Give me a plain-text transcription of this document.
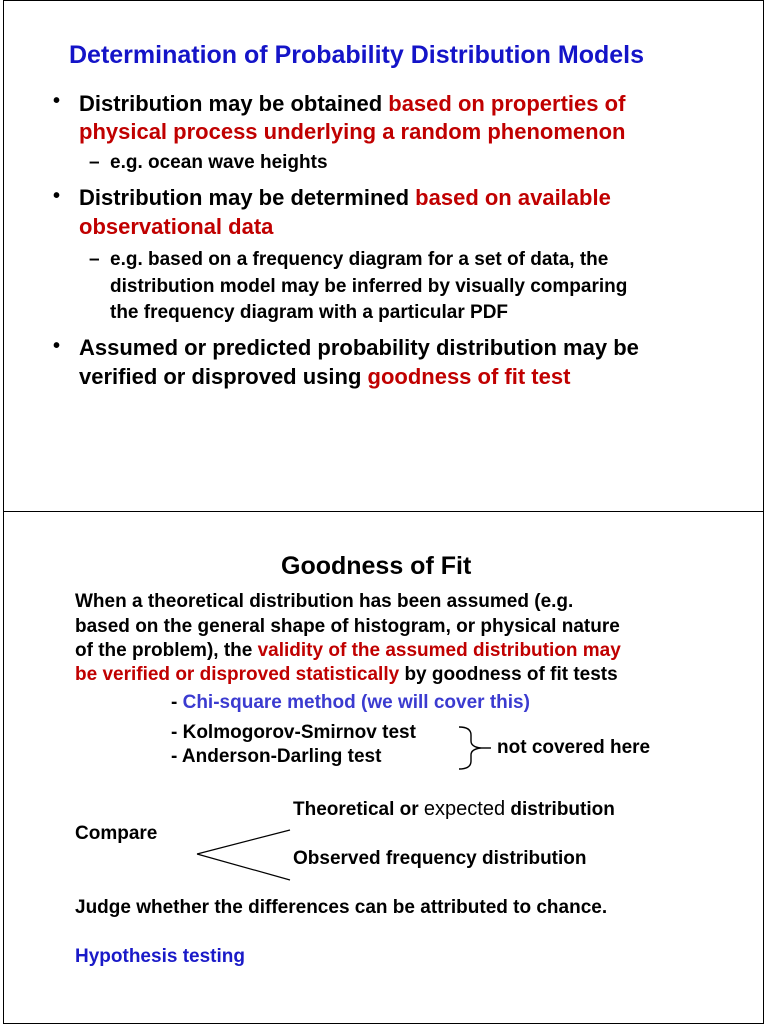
Determination of Probability Distribution Models
• Distribution may be obtained based on properties of
physical process underlying a random phenomenon
– e.g. ocean wave heights
• Distribution may be determined based on available
observational data
– e.g. based on a frequency diagram for a set of data, the
distribution model may be inferred by visually comparing
the frequency diagram with a particular PDF
• Assumed or predicted probability distribution may be
verified or disproved using goodness of fit test
Goodness of Fit
When a theoretical distribution has been assumed (e.g.
based on the general shape of histogram, or physical nature
of the problem), the validity of the assumed distribution may
be verified or disproved statistically by goodness of fit tests
- Chi-square method (we will cover this)
- Kolmogorov-Smirnov test
- Anderson-Darling test	not covered here
Compare
Theoretical or expected distribution
Observed frequency distribution
Judge whether the differences can be attributed to chance.
Hypothesis testing
